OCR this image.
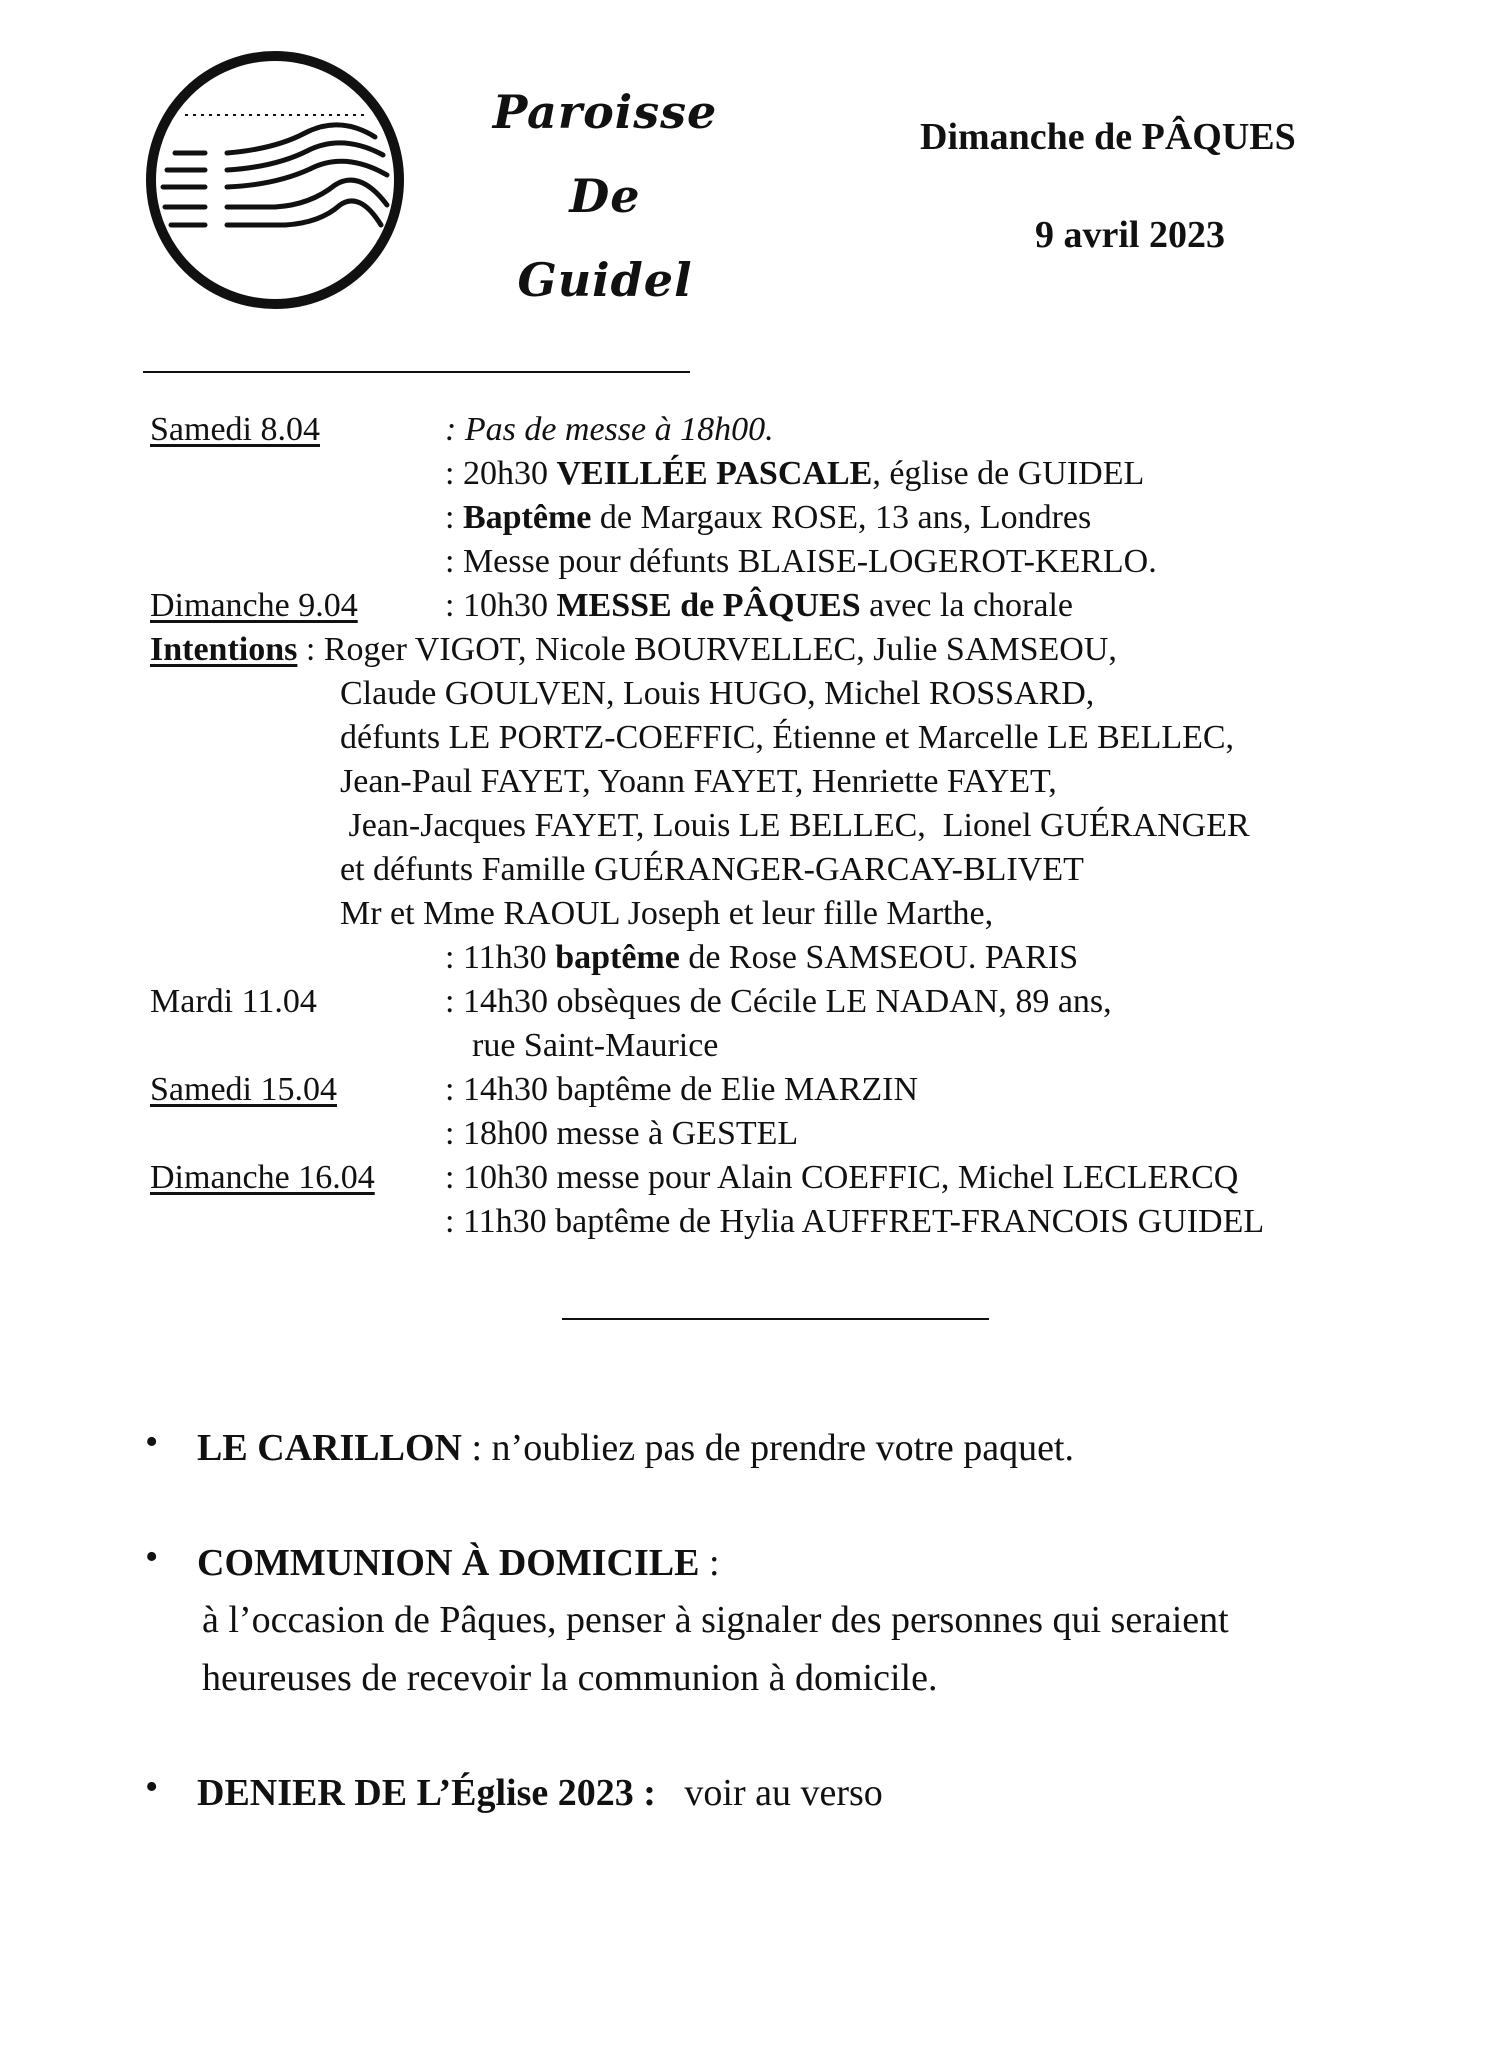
Paroisse
De
Guidel
Dimanche de PÂQUES
9 avril 2023
Samedi 8.04	: Pas de messe à 18h00.
: 20h30 VEILLÉE PASCALE, église de GUIDEL
: Baptême de Margaux ROSE, 13 ans, Londres
: Messe pour défunts BLAISE-LOGEROT-KERLO.
Dimanche 9.04	: 10h30 MESSE de PÂQUES avec la chorale
Intentions : Roger VIGOT, Nicole BOURVELLEC, Julie SAMSEOU,
Claude GOULVEN, Louis HUGO, Michel ROSSARD,
défunts LE PORTZ-COEFFIC, Étienne et Marcelle LE BELLEC,
Jean-Paul FAYET, Yoann FAYET, Henriette FAYET,
Jean-Jacques FAYET, Louis LE BELLEC,  Lionel GUÉRANGER
et défunts Famille GUÉRANGER-GARCAY-BLIVET
Mr et Mme RAOUL Joseph et leur fille Marthe,
: 11h30 baptême de Rose SAMSEOU. PARIS
Mardi 11.04	: 14h30 obsèques de Cécile LE NADAN, 89 ans,
rue Saint-Maurice
Samedi 15.04	: 14h30 baptême de Elie MARZIN
: 18h00 messe à GESTEL
Dimanche 16.04 : 10h30 messe pour Alain COEFFIC, Michel LECLERCQ
: 11h30 baptême de Hylia AUFFRET-FRANCOIS GUIDEL
• LE CARILLON : n’oubliez pas de prendre votre paquet.
• COMMUNION À DOMICILE :
à l’occasion de Pâques, penser à signaler des personnes qui seraient
heureuses de recevoir la communion à domicile.
• DENIER DE L’Église 2023 :   voir au verso
